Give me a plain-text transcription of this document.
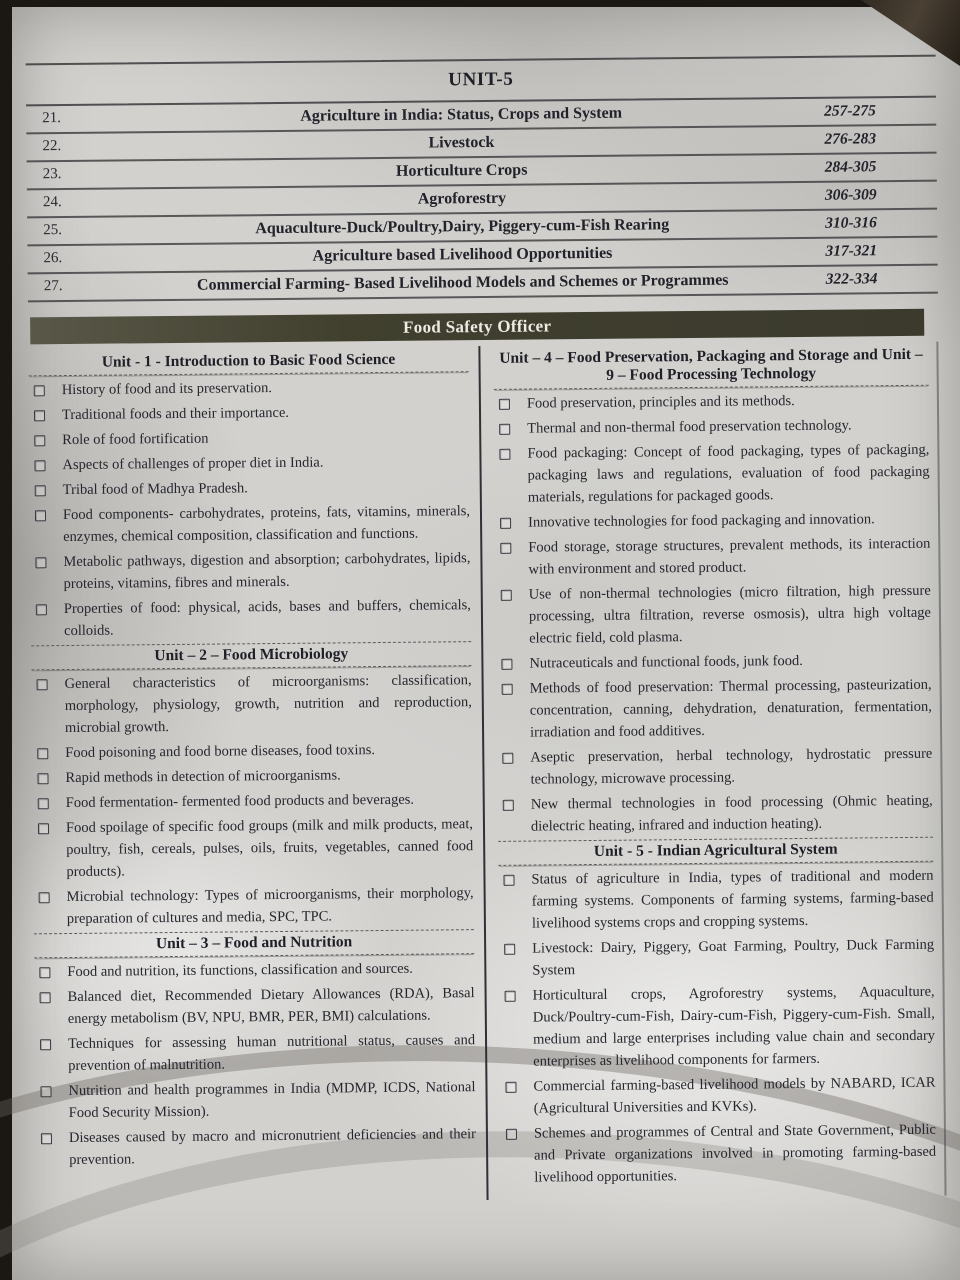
UNIT-5
21.	Agriculture in India: Status, Crops and System	257-275
22.	Livestock	276-283
23.	Horticulture Crops	284-305
24.	Agroforestry	306-309
25.	Aquaculture-Duck/Poultry,Dairy, Piggery-cum-Fish Rearing	310-316
26.	Agriculture based Livelihood Opportunities	317-321
27.	Commercial Farming- Based Livelihood Models and Schemes or Programmes	322-334
Food Safety Officer
Unit - 1 - Introduction to Basic Food Science
History of food and its preservation.
Traditional foods and their importance.
Role of food fortification
Aspects of challenges of proper diet in India.
Tribal food of Madhya Pradesh.
Food components- carbohydrates, proteins, fats, vitamins, minerals, enzymes, chemical composition, classification and functions.
Metabolic pathways, digestion and absorption; carbohydrates, lipids, proteins, vitamins, fibres and minerals.
Properties of food: physical, acids, bases and buffers, chemicals, colloids.
Unit – 2 – Food Microbiology
General characteristics of microorganisms: classification, morphology, physiology, growth, nutrition and reproduction, microbial growth.
Food poisoning and food borne diseases, food toxins.
Rapid methods in detection of microorganisms.
Food fermentation- fermented food products and beverages.
Food spoilage of specific food groups (milk and milk products, meat, poultry, fish, cereals, pulses, oils, fruits, vegetables, canned food products).
Microbial technology: Types of microorganisms, their morphology, preparation of cultures and media, SPC, TPC.
Unit – 3 – Food and Nutrition
Food and nutrition, its functions, classification and sources.
Balanced diet, Recommended Dietary Allowances (RDA), Basal energy metabolism (BV, NPU, BMR, PER, BMI) calculations.
Techniques for assessing human nutritional status, causes and prevention of malnutrition.
Nutrition and health programmes in India (MDMP, ICDS, National Food Security Mission).
Diseases caused by macro and micronutrient deficiencies and their prevention.
Unit – 4 – Food Preservation, Packaging and Storage and Unit – 9 – Food Processing Technology
Food preservation, principles and its methods.
Thermal and non-thermal food preservation technology.
Food packaging: Concept of food packaging, types of packaging, packaging laws and regulations, evaluation of food packaging materials, regulations for packaged goods.
Innovative technologies for food packaging and innovation.
Food storage, storage structures, prevalent methods, its interaction with environment and stored product.
Use of non-thermal technologies (micro filtration, high pressure processing, ultra filtration, reverse osmosis), ultra high voltage electric field, cold plasma.
Nutraceuticals and functional foods, junk food.
Methods of food preservation: Thermal processing, pasteurization, concentration, canning, dehydration, denaturation, fermentation, irradiation and food additives.
Aseptic preservation, herbal technology, hydrostatic pressure technology, microwave processing.
New thermal technologies in food processing (Ohmic heating, dielectric heating, infrared and induction heating).
Unit - 5 - Indian Agricultural System
Status of agriculture in India, types of traditional and modern farming systems. Components of farming systems, farming-based livelihood systems crops and cropping systems.
Livestock: Dairy, Piggery, Goat Farming, Poultry, Duck Farming System
Horticultural crops, Agroforestry systems, Aquaculture, Duck/Poultry-cum-Fish, Dairy-cum-Fish, Piggery-cum-Fish. Small, medium and large enterprises including value chain and secondary enterprises as livelihood components for farmers.
Commercial farming-based livelihood models by NABARD, ICAR (Agricultural Universities and KVKs).
Schemes and programmes of Central and State Government, Public and Private organizations involved in promoting farming-based livelihood opportunities.
